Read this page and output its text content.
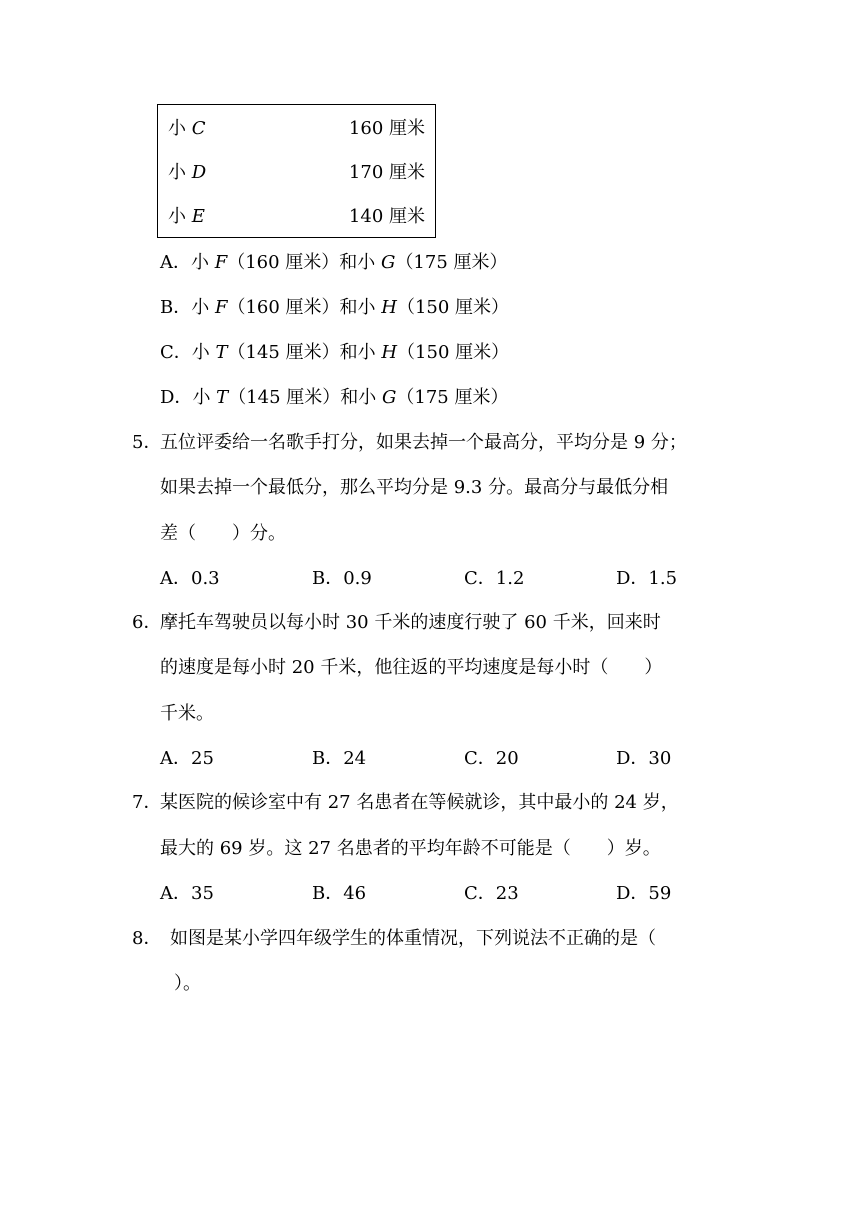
小 C	160 厘米
小 D	170 厘米
小 E	140 厘米
A．小 F（160 厘米）和小 G（175 厘米）
B．小 F（160 厘米）和小 H（150 厘米）
C．小 T（145 厘米）和小 H（150 厘米）
D．小 T（145 厘米）和小 G（175 厘米）
5．
五位评委给一名歌手打分，如果去掉一个最高分，平均分是 9 分；
如果去掉一个最低分，那么平均分是 9.3 分。最高分与最低分相
差（　　）分。
A．0.3	B．0.9	C．1.2	D．1.5
6．
摩托车驾驶员以每小时 30 千米的速度行驶了 60 千米，回来时
的速度是每小时 20 千米，他往返的平均速度是每小时（　　）
千米。
A．25	B．24	C．20	D．30
7．
某医院的候诊室中有 27 名患者在等候就诊，其中最小的 24 岁，
最大的 69 岁。这 27 名患者的平均年龄不可能是（　　）岁。
A．35	B．46	C．23	D．59
8． 如图是某小学四年级学生的体重情况，下列说法不正确的是（
）。
